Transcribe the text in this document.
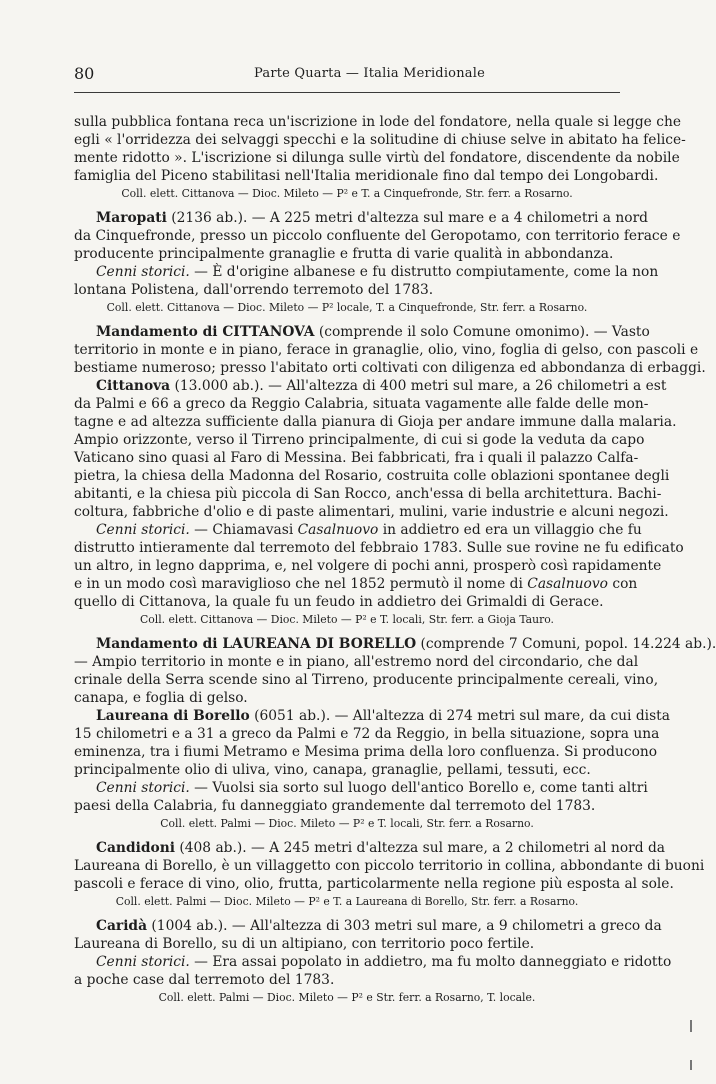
80	Parte Quarta — Italia Meridionale
sulla pubblica fontana reca un'iscrizione in lode del fondatore, nella quale si legge che
egli « l'orridezza dei selvaggi specchi e la solitudine di chiuse selve in abitato ha felice-
mente ridotto ». L'iscrizione si dilunga sulle virtù del fondatore, discendente da nobile
famiglia del Piceno stabilitasi nell'Italia meridionale fino dal tempo dei Longobardi.
Coll. elett. Cittanova — Dioc. Mileto — P² e T. a Cinquefronde, Str. ferr. a Rosarno.
Maropati (2136 ab.). — A 225 metri d'altezza sul mare e a 4 chilometri a nord
da Cinquefronde, presso un piccolo confluente del Geropotamo, con territorio ferace e
producente principalmente granaglie e frutta di varie qualità in abbondanza.
Cenni storici. — È d'origine albanese e fu distrutto compiutamente, come la non
lontana Polistena, dall'orrendo terremoto del 1783.
Coll. elett. Cittanova — Dioc. Mileto — P² locale, T. a Cinquefronde, Str. ferr. a Rosarno.
Mandamento di CITTANOVA (comprende il solo Comune omonimo). — Vasto
territorio in monte e in piano, ferace in granaglie, olio, vino, foglia di gelso, con pascoli e
bestiame numeroso; presso l'abitato orti coltivati con diligenza ed abbondanza di erbaggi.
Cittanova (13.000 ab.). — All'altezza di 400 metri sul mare, a 26 chilometri a est
da Palmi e 66 a greco da Reggio Calabria, situata vagamente alle falde delle mon-
tagne e ad altezza sufficiente dalla pianura di Gioja per andare immune dalla malaria.
Ampio orizzonte, verso il Tirreno principalmente, di cui si gode la veduta da capo
Vaticano sino quasi al Faro di Messina. Bei fabbricati, fra i quali il palazzo Calfa-
pietra, la chiesa della Madonna del Rosario, costruita colle oblazioni spontanee degli
abitanti, e la chiesa più piccola di San Rocco, anch'essa di bella architettura. Bachi-
coltura, fabbriche d'olio e di paste alimentari, mulini, varie industrie e alcuni negozi.
Cenni storici. — Chiamavasi Casalnuovo in addietro ed era un villaggio che fu
distrutto intieramente dal terremoto del febbraio 1783. Sulle sue rovine ne fu edificato
un altro, in legno dapprima, e, nel volgere di pochi anni, prosperò così rapidamente
e in un modo così maraviglioso che nel 1852 permutò il nome di Casalnuovo con
quello di Cittanova, la quale fu un feudo in addietro dei Grimaldi di Gerace.
Coll. elett. Cittanova — Dioc. Mileto — P² e T. locali, Str. ferr. a Gioja Tauro.
Mandamento di LAUREANA DI BORELLO (comprende 7 Comuni, popol. 14.224 ab.).
— Ampio territorio in monte e in piano, all'estremo nord del circondario, che dal
crinale della Serra scende sino al Tirreno, producente principalmente cereali, vino,
canapa, e foglia di gelso.
Laureana di Borello (6051 ab.). — All'altezza di 274 metri sul mare, da cui dista
15 chilometri e a 31 a greco da Palmi e 72 da Reggio, in bella situazione, sopra una
eminenza, tra i fiumi Metramo e Mesima prima della loro confluenza. Si producono
principalmente olio di uliva, vino, canapa, granaglie, pellami, tessuti, ecc.
Cenni storici. — Vuolsi sia sorto sul luogo dell'antico Borello e, come tanti altri
paesi della Calabria, fu danneggiato grandemente dal terremoto del 1783.
Coll. elett. Palmi — Dioc. Mileto — P² e T. locali, Str. ferr. a Rosarno.
Candidoni (408 ab.). — A 245 metri d'altezza sul mare, a 2 chilometri al nord da
Laureana di Borello, è un villaggetto con piccolo territorio in collina, abbondante di buoni
pascoli e ferace di vino, olio, frutta, particolarmente nella regione più esposta al sole.
Coll. elett. Palmi — Dioc. Mileto — P² e T. a Laureana di Borello, Str. ferr. a Rosarno.
Caridà (1004 ab.). — All'altezza di 303 metri sul mare, a 9 chilometri a greco da
Laureana di Borello, su di un altipiano, con territorio poco fertile.
Cenni storici. — Era assai popolato in addietro, ma fu molto danneggiato e ridotto
a poche case dal terremoto del 1783.
Coll. elett. Palmi — Dioc. Mileto — P² e Str. ferr. a Rosarno, T. locale.
